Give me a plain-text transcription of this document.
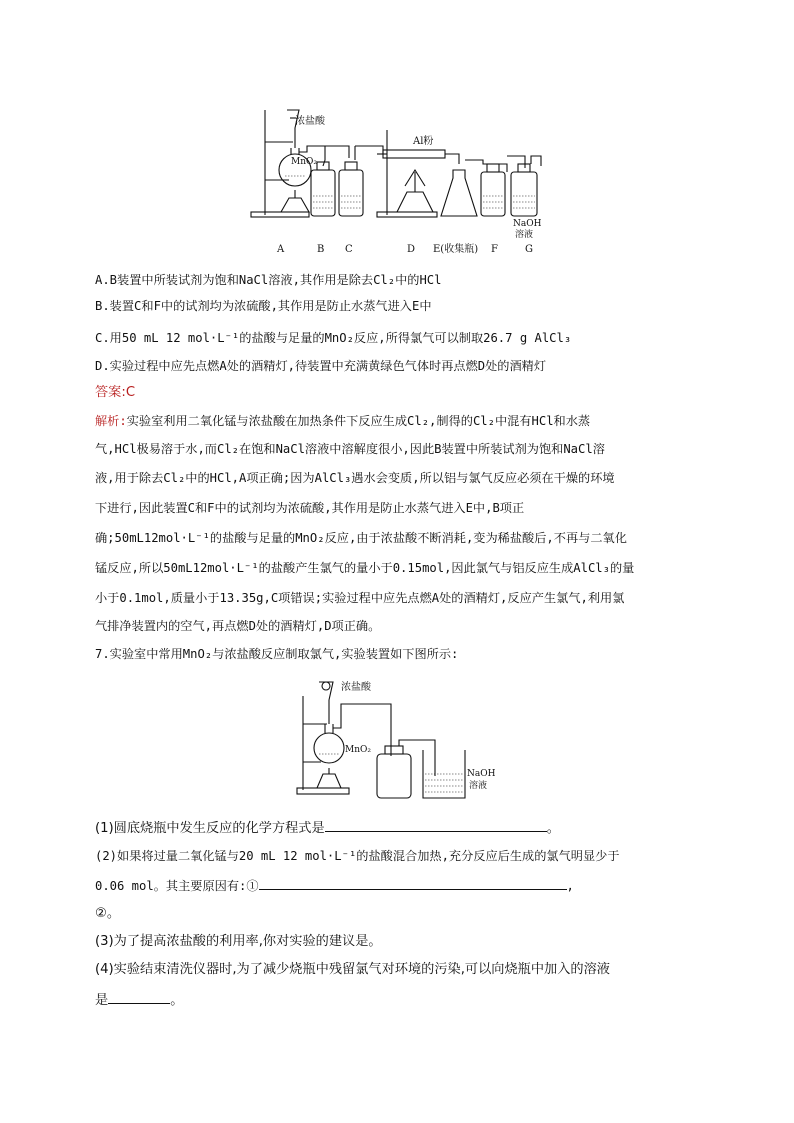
浓盐酸
MnO₂
Al粉
NaOH
溶液
A	B C	D E(收集瓶) F	G
A.B装置中所装试剂为饱和NaCl溶液,其作用是除去Cl₂中的HCl
B.装置C和F中的试剂均为浓硫酸,其作用是防止水蒸气进入E中
C.用50 mL 12 mol·L⁻¹的盐酸与足量的MnO₂反应,所得氯气可以制取26.7 g AlCl₃
D.实验过程中应先点燃A处的酒精灯,待装置中充满黄绿色气体时再点燃D处的酒精灯
答案:C
解析:实验室利用二氧化锰与浓盐酸在加热条件下反应生成Cl₂,制得的Cl₂中混有HCl和水蒸
气,HCl极易溶于水,而Cl₂在饱和NaCl溶液中溶解度很小,因此B装置中所装试剂为饱和NaCl溶
液,用于除去Cl₂中的HCl,A项正确;因为AlCl₃遇水会变质,所以铝与氯气反应必须在干燥的环境
下进行,因此装置C和F中的试剂均为浓硫酸,其作用是防止水蒸气进入E中,B项正
确;50mL12mol·L⁻¹的盐酸与足量的MnO₂反应,由于浓盐酸不断消耗,变为稀盐酸后,不再与二氧化
锰反应,所以50mL12mol·L⁻¹的盐酸产生氯气的量小于0.15mol,因此氯气与铝反应生成AlCl₃的量
小于0.1mol,质量小于13.35g,C项错误;实验过程中应先点燃A处的酒精灯,反应产生氯气,利用氯
气排净装置内的空气,再点燃D处的酒精灯,D项正确。
7.实验室中常用MnO₂与浓盐酸反应制取氯气,实验装置如下图所示:
浓盐酸
MnO₂
NaOH
溶液
(1)圆底烧瓶中发生反应的化学方程式是	。
(2)如果将过量二氧化锰与20 mL 12 mol·L⁻¹的盐酸混合加热,充分反应后生成的氯气明显少于
0.06 mol。其主要原因有:①	,
②。
(3)为了提高浓盐酸的利用率,你对实验的建议是。
(4)实验结束清洗仪器时,为了减少烧瓶中残留氯气对环境的污染,可以向烧瓶中加入的溶液
是	。
